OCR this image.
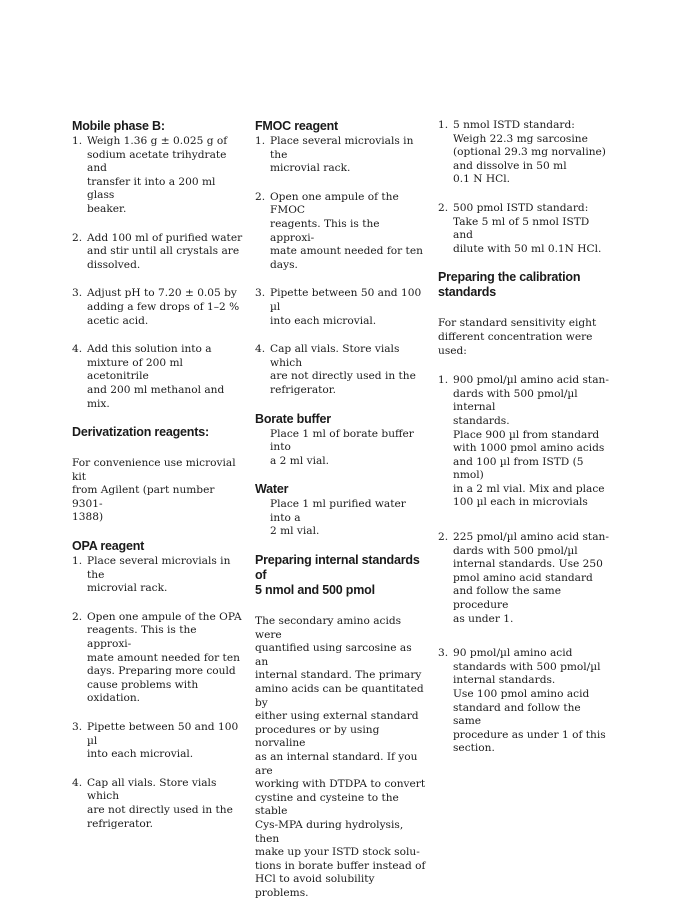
Mobile phase B:
1. Weigh 1.36 g ± 0.025 g of
sodium acetate trihydrate and
transfer it into a 200 ml glass
beaker.
2. Add 100 ml of purified water
and stir until all crystals are
dissolved.
3. Adjust pH to 7.20 ± 0.05 by
adding a few drops of 1–2 %
acetic acid.
4. Add this solution into a
mixture of 200 ml acetonitrile
and 200 ml methanol and mix.
Derivatization reagents:

For convenience use microvial kit
from Agilent (part number 9301-
1388)

OPA reagent
1. Place several microvials in the
microvial rack.
2. Open one ampule of the OPA
reagents. This is the approxi-
mate amount needed for ten
days. Preparing more could
cause problems with oxidation.
3. Pipette between 50 and 100 µl
into each microvial.
4. Cap all vials. Store vials which
are not directly used in the
refrigerator.
FMOC reagent
1. Place several microvials in the
microvial rack.
2. Open one ampule of the FMOC
reagents. This is the approxi-
mate amount needed for ten
days.
3. Pipette between 50 and 100 µl
into each microvial.
4. Cap all vials. Store vials which
are not directly used in the
refrigerator.
Borate buffer

Place 1 ml of borate buffer into
a 2 ml vial.

Water

Place 1 ml purified water into a
2 ml vial.

Preparing internal standards of
5 nmol and 500 pmol

The secondary amino acids were
quantified using sarcosine as an
internal standard. The primary
amino acids can be quantitated by
either using external standard
procedures or by using norvaline
as an internal standard. If you are
working with DTDPA to convert
cystine and cysteine to the stable
Cys-MPA during hydrolysis, then
make up your ISTD stock solu-
tions in borate buffer instead of
HCl to avoid solubility problems.

1. 5 nmol ISTD standard:
Weigh 22.3 mg sarcosine
(optional 29.3 mg norvaline)
and dissolve in 50 ml
0.1 N HCl.
2. 500 pmol ISTD standard:
Take 5 ml of 5 nmol ISTD and
dilute with 50 ml 0.1N HCl.
Preparing the calibration
standards

For standard sensitivity eight
different concentration were used:

1. 900 pmol/µl amino acid stan-
dards with 500 pmol/µl internal
standards.
Place 900 µl from standard
with 1000 pmol amino acids
and 100 µl from ISTD (5 nmol)
in a 2 ml vial. Mix and place
100 µl each in microvials
2. 225 pmol/µl amino acid stan-
dards with 500 pmol/µl
internal standards. Use 250
pmol amino acid standard
and follow the same procedure
as under 1.
3. 90 pmol/µl amino acid
standards with 500 pmol/µl
internal standards.
Use 100 pmol amino acid
standard and follow the same
procedure as under 1 of this
section.
